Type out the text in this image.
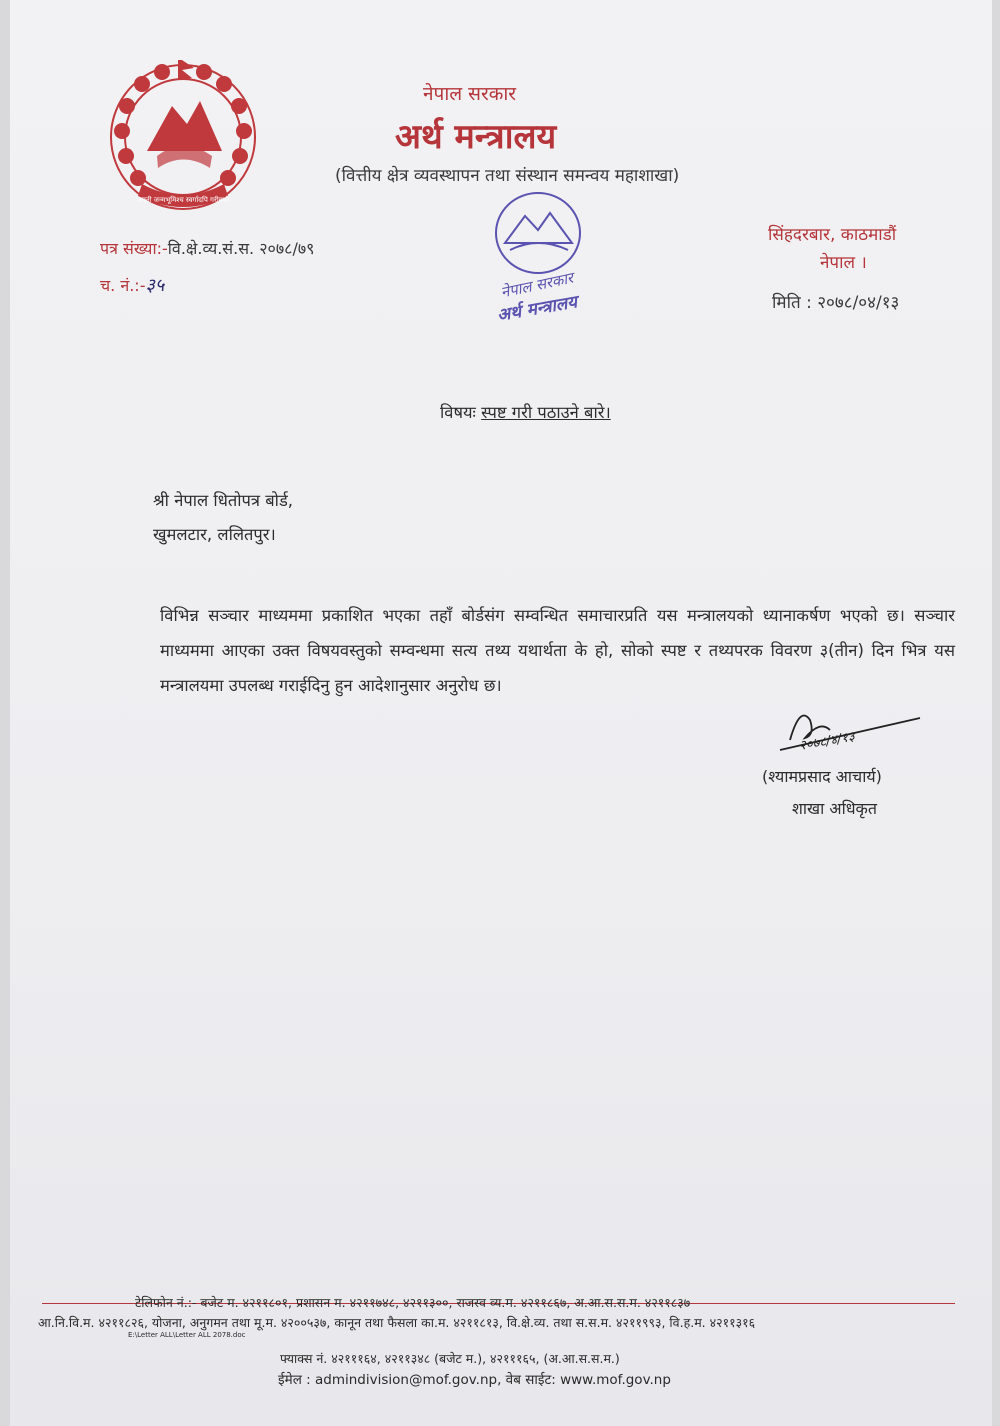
जननी जन्मभूमिश्च स्वर्गादपि गरीयसी
नेपाल सरकार
अर्थ मन्त्रालय
(वित्तीय क्षेत्र व्यवस्थापन तथा संस्थान समन्वय महाशाखा)
सिंहदरबार, काठमाडौं
नेपाल ।
पत्र संख्या:-वि.क्षे.व्य.सं.स. २०७८/७९
च. नं.:-३५
मिति : २०७८/०४/१३
नेपाल सरकार
अर्थ मन्त्रालय
विषयः स्पष्ट गरी पठाउने बारे।
श्री नेपाल धितोपत्र बोर्ड,
खुमलटार, ललितपुर।
विभिन्न सञ्चार माध्यममा प्रकाशित भएका तहाँ बोर्डसंग सम्वन्धित समाचारप्रति यस मन्त्रालयको ध्यानाकर्षण भएको छ। सञ्चार माध्यममा आएका उक्त विषयवस्तुको सम्वन्धमा सत्य तथ्य यथार्थता के हो, सोको स्पष्ट र तथ्यपरक विवरण ३(तीन) दिन भित्र यस मन्त्रालयमा उपलब्ध गराईदिनु हुन आदेशानुसार अनुरोध छ।
२०७८/४/१३
(श्यामप्रसाद आचार्य)
शाखा अधिकृत
टेलिफोन नं.:- बजेट म. ४२११८०१, प्रशासन म. ४२११७४८, ४२११३००, राजस्व व्य.म. ४२११८६७, अ.आ.स.स.म. ४२११८३७
आ.नि.वि.म. ४२११८२६, योजना, अनुगमन तथा मू.म. ४२००५३७, कानून तथा फैसला का.म. ४२११८१३, वि.क्षे.व्य. तथा स.स.म. ४२११९९३, वि.ह.म. ४२११३१६
E:\Letter ALL\Letter ALL 2078.doc
फ्याक्स नं. ४२१११६४, ४२११३४८ (बजेट म.), ४२१११६५, (अ.आ.स.स.म.)
ईमेल : admindivision@mof.gov.np, वेब साईट: www.mof.gov.np
